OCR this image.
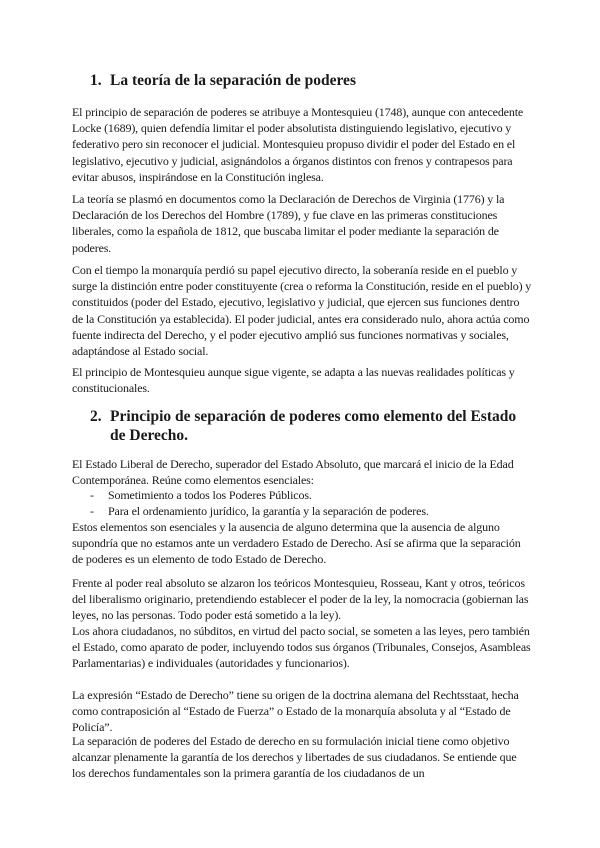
1. La teoría de la separación de poderes

El principio de separación de poderes se atribuye a Montesquieu (1748), aunque con antecedente Locke (1689), quien defendía limitar el poder absolutista distinguiendo legislativo, ejecutivo y federativo pero sin reconocer el judicial. Montesquieu propuso dividir el poder del Estado en el legislativo, ejecutivo y judicial, asignándolos a órganos distintos con frenos y contrapesos para evitar abusos, inspirándose en la Constitución inglesa.

La teoría se plasmó en documentos como la Declaración de Derechos de Virginia (1776) y la Declaración de los Derechos del Hombre (1789), y fue clave en las primeras constituciones liberales, como la española de 1812, que buscaba limitar el poder mediante la separación de poderes.

Con el tiempo la monarquía perdió su papel ejecutivo directo, la soberanía reside en el pueblo y surge la distinción entre poder constituyente (crea o reforma la Constitución, reside en el pueblo) y constituidos (poder del Estado, ejecutivo, legislativo y judicial, que ejercen sus funciones dentro de la Constitución ya establecida). El poder judicial, antes era considerado nulo, ahora actúa como fuente indirecta del Derecho, y el poder ejecutivo amplió sus funciones normativas y sociales, adaptándose al Estado social.

El principio de Montesquieu aunque sigue vigente, se adapta a las nuevas realidades políticas y constitucionales.

2. Principio de separación de poderes como elemento del Estado de Derecho.

El Estado Liberal de Derecho, superador del Estado Absoluto, que marcará el inicio de la Edad Contemporánea. Reúne como elementos esenciales:

- Sometimiento a todos los Poderes Públicos.
- Para el ordenamiento jurídico, la garantía y la separación de poderes.

Estos elementos son esenciales y la ausencia de alguno determina que la ausencia de alguno supondría que no estamos ante un verdadero Estado de Derecho. Así se afirma que la separación de poderes es un elemento de todo Estado de Derecho.

Frente al poder real absoluto se alzaron los teóricos Montesquieu, Rosseau, Kant y otros, teóricos del liberalismo originario, pretendiendo establecer el poder de la ley, la nomocracia (gobiernan las leyes, no las personas. Todo poder está sometido a la ley).

Los ahora ciudadanos, no súbditos, en virtud del pacto social, se someten a las leyes, pero también el Estado, como aparato de poder, incluyendo todos sus órganos (Tribunales, Consejos, Asambleas Parlamentarias) e individuales (autoridades y funcionarios).

La expresión “Estado de Derecho” tiene su origen de la doctrina alemana del Rechtsstaat, hecha como contraposición al “Estado de Fuerza” o Estado de la monarquía absoluta y al “Estado de Policía”.

La separación de poderes del Estado de derecho en su formulación inicial tiene como objetivo alcanzar plenamente la garantía de los derechos y libertades de sus ciudadanos. Se entiende que los derechos fundamentales son la primera garantía de los ciudadanos de un
